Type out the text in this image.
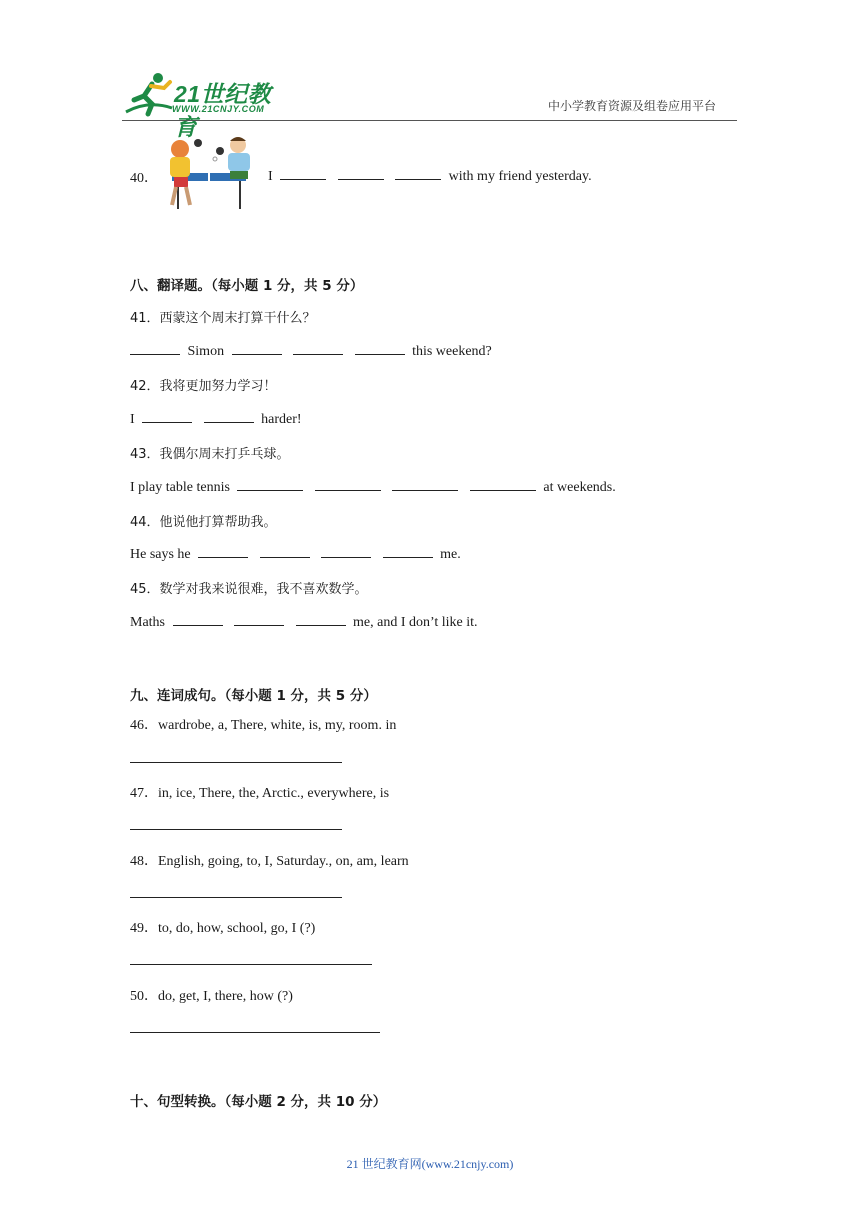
21世纪教育
WWW.21CNJY.COM	中小学教育资源及组卷应用平台
40．	I	with my friend yesterday.
八、翻译题。（每小题 1 分，共 5 分）
41．西蒙这个周末打算干什么？
Simon	this weekend?
42．我将更加努力学习！
I	harder!
43．我偶尔周末打乒乓球。
I play table tennis	at weekends.
44．他说他打算帮助我。
He says he	me.
45．数学对我来说很难，我不喜欢数学。
Maths	me, and I don’t like it.
九、连词成句。（每小题 1 分，共 5 分）
46．wardrobe, a, There, white, is, my, room. in
47．in, ice, There, the, Arctic., everywhere, is
48．English, going, to, I, Saturday., on, am, learn
49．to, do, how, school, go, I (?)
50．do, get, I, there, how (?)
十、句型转换。（每小题 2 分，共 10 分）
21 世纪教育网(www.21cnjy.com)
